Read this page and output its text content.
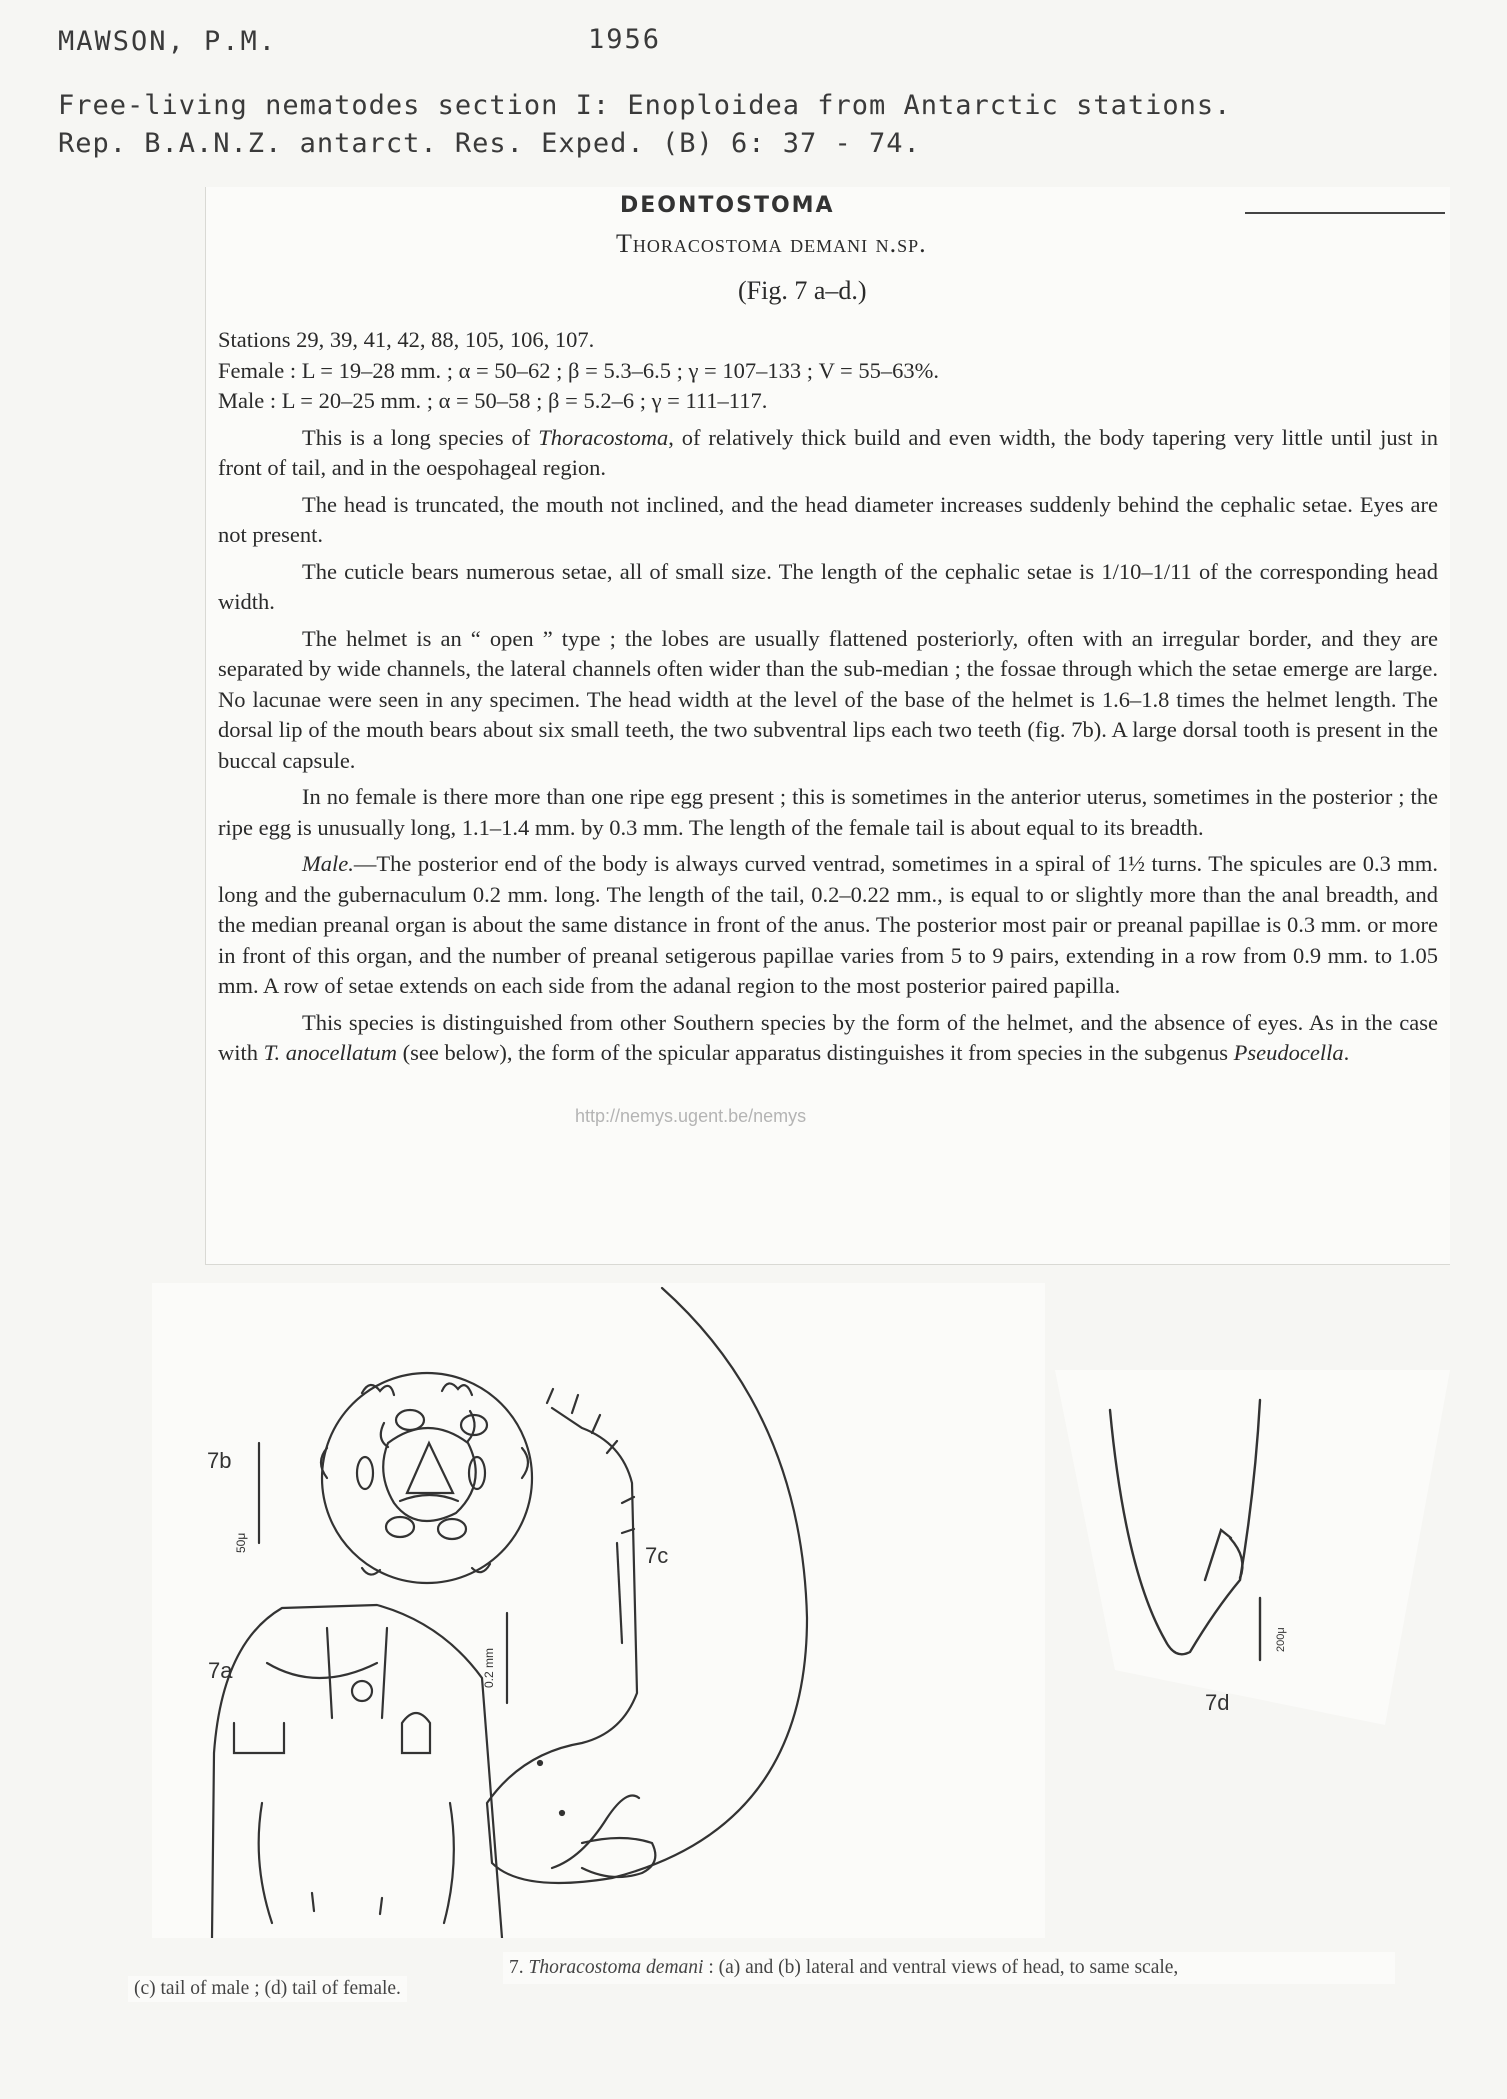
MAWSON, P.M.	1956
Free-living nematodes section I: Enoploidea from Antarctic stations.
Rep. B.A.N.Z. antarct. Res. Exped. (B) 6: 37 - 74.
DEONTOSTOMA
Thoracostoma demani n.sp.
(Fig. 7 a–d.)

Stations 29, 39, 41, 42, 88, 105, 106, 107.

Female : L = 19–28 mm. ; α = 50–62 ; β = 5.3–6.5 ; γ = 107–133 ; V = 55–63%.

Male : L = 20–25 mm. ; α = 50–58 ; β = 5.2–6 ; γ = 111–117.

This is a long species of Thoracostoma, of relatively thick build and even width, the body tapering very little until just in front of tail, and in the oespohageal region.

The head is truncated, the mouth not inclined, and the head diameter increases suddenly behind the cephalic setae. Eyes are not present.

The cuticle bears numerous setae, all of small size. The length of the cephalic setae is 1/10–1/11 of the corresponding head width.

The helmet is an “ open ” type ; the lobes are usually flattened posteriorly, often with an irregular border, and they are separated by wide channels, the lateral channels often wider than the sub-median ; the fossae through which the setae emerge are large. No lacunae were seen in any specimen. The head width at the level of the base of the helmet is 1.6–1.8 times the helmet length. The dorsal lip of the mouth bears about six small teeth, the two subventral lips each two teeth (fig. 7b). A large dorsal tooth is present in the buccal capsule.

In no female is there more than one ripe egg present ; this is sometimes in the anterior uterus, sometimes in the posterior ; the ripe egg is unusually long, 1.1–1.4 mm. by 0.3 mm. The length of the female tail is about equal to its breadth.

Male.—The posterior end of the body is always curved ventrad, sometimes in a spiral of 1½ turns. The spicules are 0.3 mm. long and the gubernaculum 0.2 mm. long. The length of the tail, 0.2–0.22 mm., is equal to or slightly more than the anal breadth, and the median preanal organ is about the same distance in front of the anus. The posterior most pair or preanal papillae is 0.3 mm. or more in front of this organ, and the number of preanal setigerous papillae varies from 5 to 9 pairs, extending in a row from 0.9 mm. to 1.05 mm. A row of setae extends on each side from the adanal region to the most posterior paired papilla.

This species is distinguished from other Southern species by the form of the helmet, and the absence of eyes. As in the case with T. anocellatum (see below), the form of the spicular apparatus distinguishes it from species in the subgenus Pseudocella.

http://nemys.ugent.be/nemys
7b
7a
7c
50μ
0.2 mm
7d
200μ
7. Thoracostoma demani : (a) and (b) lateral and ventral views of head, to same scale,
(c) tail of male ; (d) tail of female.
